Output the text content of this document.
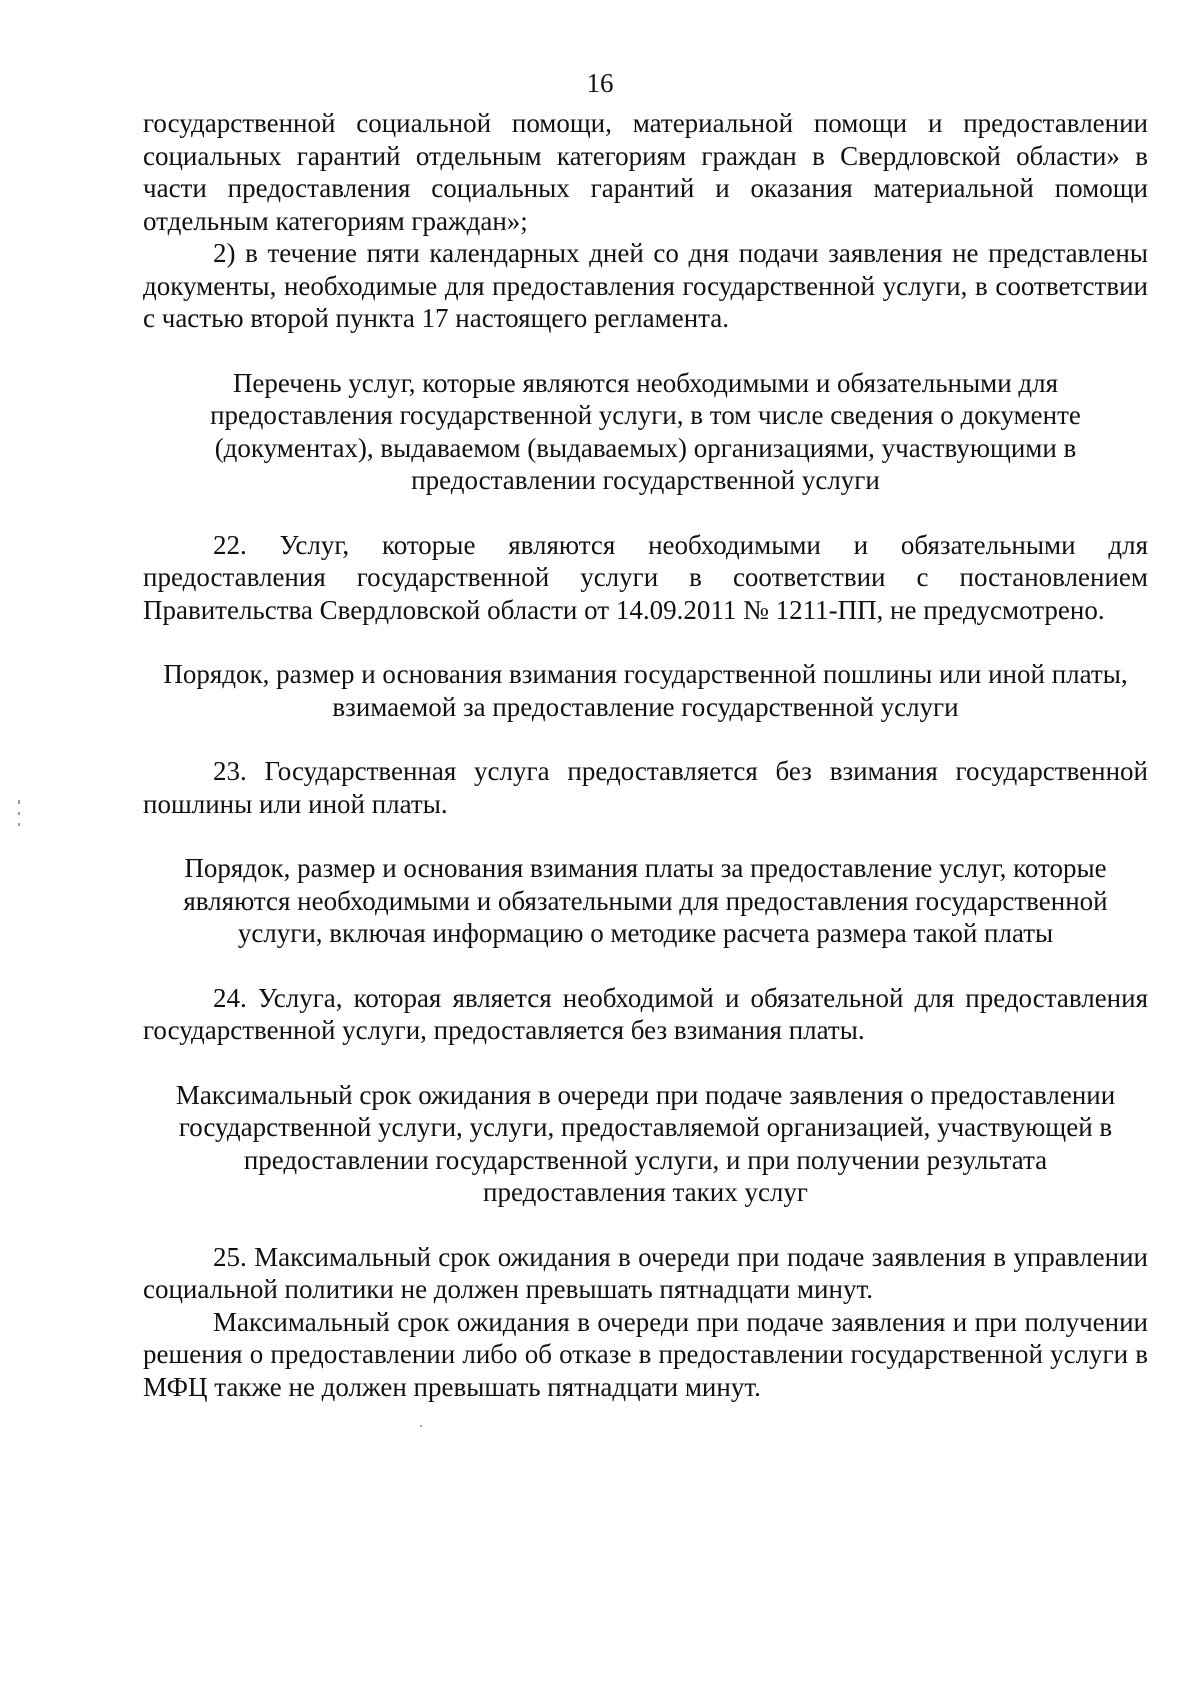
16

государственной социальной помощи, материальной помощи и предоставлении социальных гарантий отдельным категориям граждан в Свердловской области» в части предоставления социальных гарантий и оказания материальной помощи отдельным категориям граждан»;

2) в течение пяти календарных дней со дня подачи заявления не представлены документы, необходимые для предоставления государственной услуги, в соответствии с частью второй пункта 17 настоящего регламента.

Перечень услуг, которые являются необходимыми и обязательными для предоставления государственной услуги, в том числе сведения о документе (документах), выдаваемом (выдаваемых) организациями, участвующими в предоставлении государственной услуги

22. Услуг, которые являются необходимыми и обязательными для предоставления государственной услуги в соответствии с постановлением Правительства Свердловской области от 14.09.2011 № 1211-ПП, не предусмотрено.

Порядок, размер и основания взимания государственной пошлины или иной платы, взимаемой за предоставление государственной услуги

23. Государственная услуга предоставляется без взимания государственной пошлины или иной платы.

Порядок, размер и основания взимания платы за предоставление услуг, которые являются необходимыми и обязательными для предоставления государственной услуги, включая информацию о методике расчета размера такой платы

24. Услуга, которая является необходимой и обязательной для предоставления государственной услуги, предоставляется без взимания платы.

Максимальный срок ожидания в очереди при подаче заявления о предоставлении государственной услуги, услуги, предоставляемой организацией, участвующей в предоставлении государственной услуги, и при получении результата предоставления таких услуг

25. Максимальный срок ожидания в очереди при подаче заявления в управлении социальной политики не должен превышать пятнадцати минут.

Максимальный срок ожидания в очереди при подаче заявления и при получении решения о предоставлении либо об отказе в предоставлении государственной услуги в МФЦ также не должен превышать пятнадцати минут.
